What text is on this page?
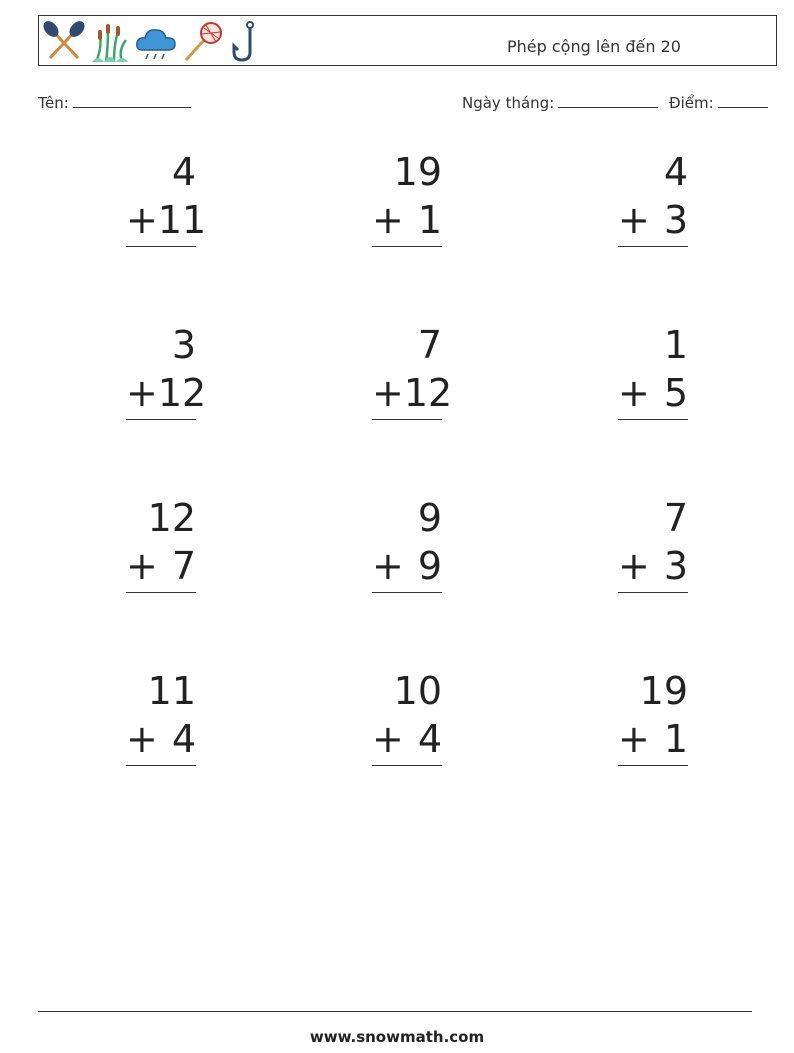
Phép cộng lên đến 20
Tên:	Ngày tháng:	Điểm:
4
+ 11
19
+ 1
4
+ 3
3
+ 12
7
+ 12
1
+ 5
12
+ 7
9
+ 9
7
+ 3
11
+ 4
10
+ 4
19
+ 1
www.snowmath.com
